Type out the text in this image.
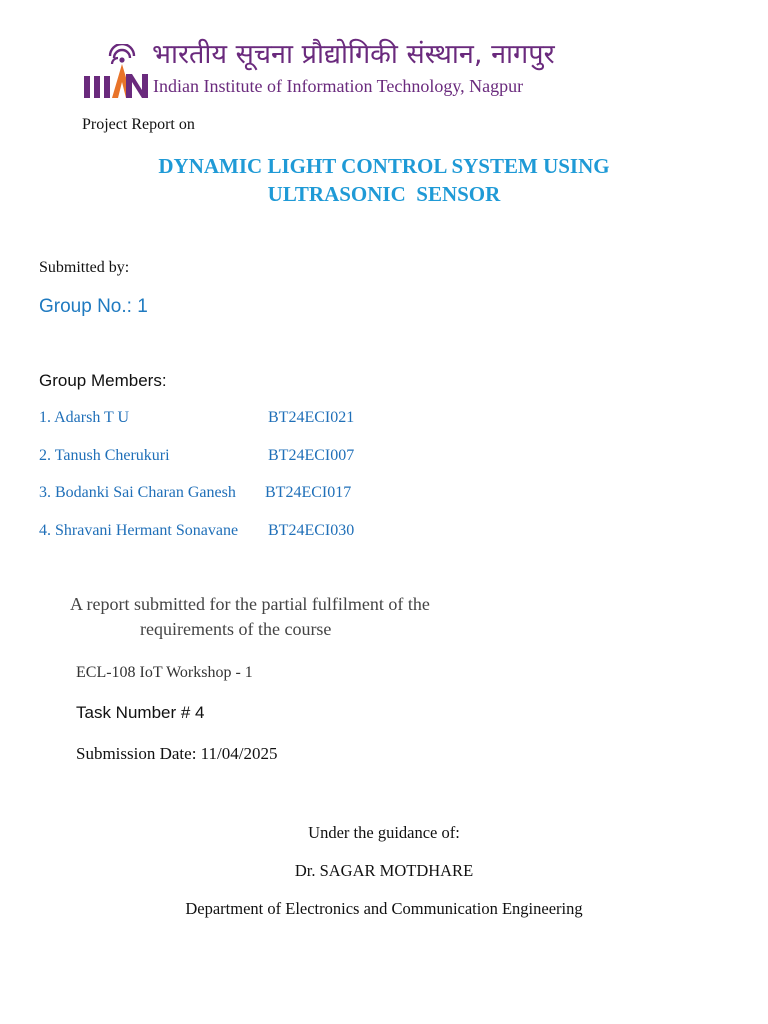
भारतीय सूचना प्रौद्योगिकी संस्थान, नागपुर
Indian Institute of Information Technology, Nagpur
Project Report on
DYNAMIC LIGHT CONTROL SYSTEM USING
ULTRASONIC  SENSOR
Submitted by:
Group No.: 1
Group Members:
1. Adarsh T U	BT24ECI021
2. Tanush Cherukuri	BT24ECI007
3. Bodanki Sai Charan Ganesh BT24ECI017
4. Shravani Hermant Sonavane BT24ECI030
A report submitted for the partial fulfilment of the
requirements of the course
ECL-108 IoT Workshop - 1
Task Number # 4
Submission Date: 11/04/2025
Under the guidance of:
Dr. SAGAR MOTDHARE
Department of Electronics and Communication Engineering
